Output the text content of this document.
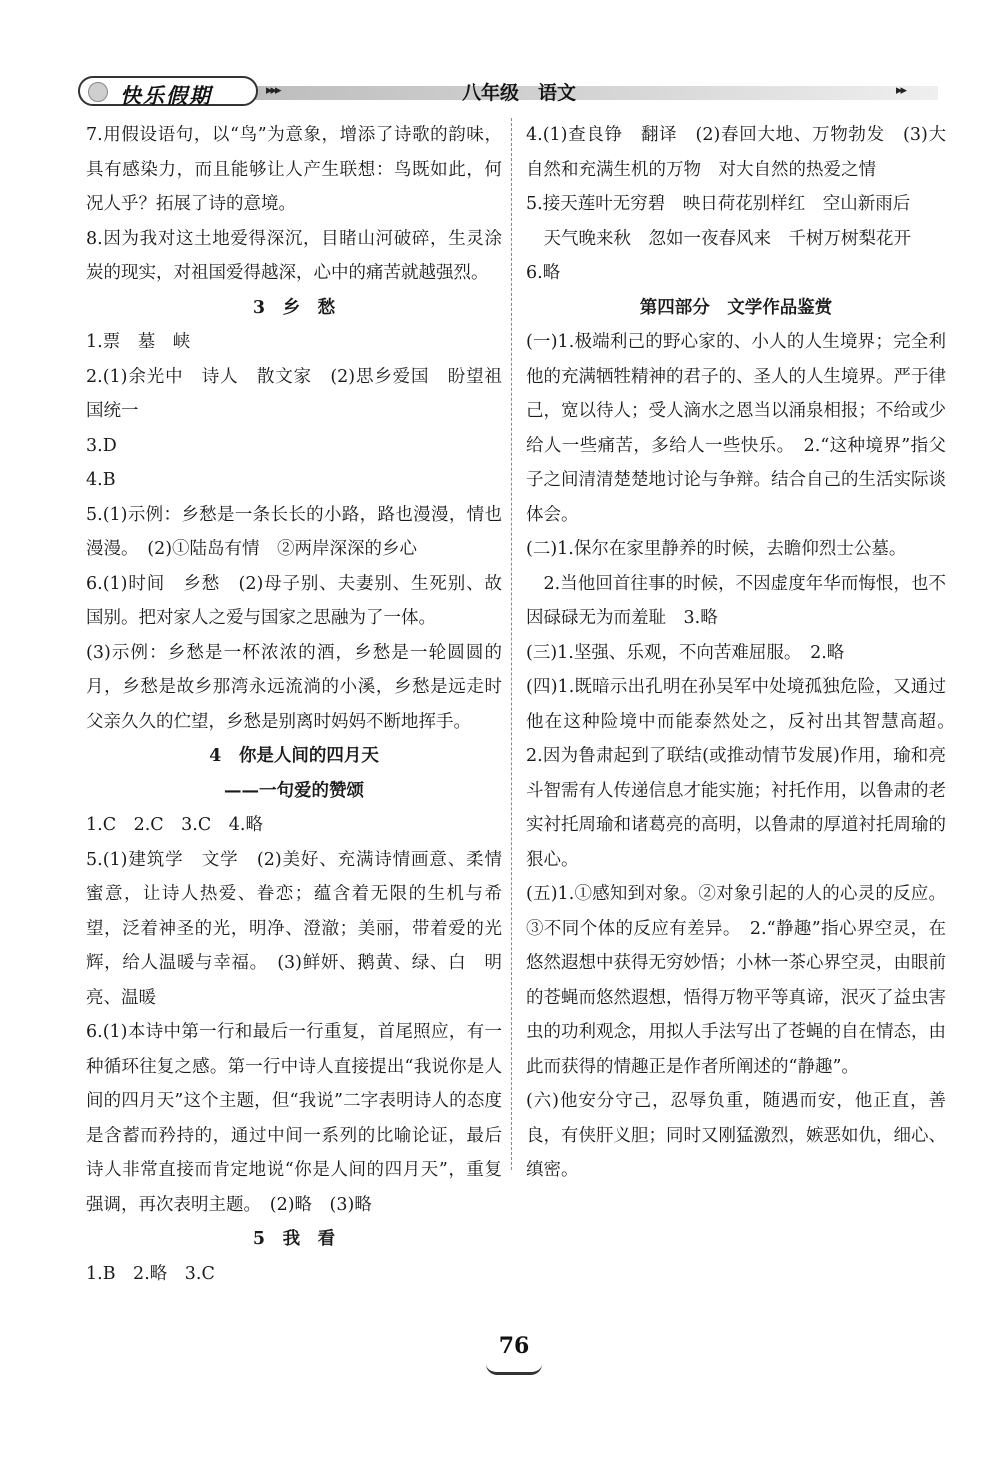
快乐假期	▸▸▸	八年级　语文	▸▸

7.用假设语句，以“鸟”为意象，增添了诗歌的韵味，具有感染力，而且能够让人产生联想：鸟既如此，何况人乎？拓展了诗的意境。

8.因为我对这土地爱得深沉，目睹山河破碎，生灵涂炭的现实，对祖国爱得越深，心中的痛苦就越强烈。

3　乡　愁

1.票　墓　峡

2.(1)余光中　诗人　散文家　(2)思乡爱国　盼望祖国统一

3.D

4.B

5.(1)示例：乡愁是一条长长的小路，路也漫漫，情也漫漫。　(2)①陆岛有情　②两岸深深的乡心

6.(1)时间　乡愁　(2)母子别、夫妻别、生死别、故国别。把对家人之爱与国家之思融为了一体。

(3)示例：乡愁是一杯浓浓的酒，乡愁是一轮圆圆的月，乡愁是故乡那湾永远流淌的小溪，乡愁是远走时父亲久久的伫望，乡愁是别离时妈妈不断地挥手。

4　你是人间的四月天

——一句爱的赞颂

1.C　2.C　3.C　4.略

5.(1)建筑学　文学　(2)美好、充满诗情画意、柔情蜜意，让诗人热爱、眷恋；蕴含着无限的生机与希望，泛着神圣的光，明净、澄澈；美丽，带着爱的光辉，给人温暖与幸福。　(3)鲜妍、鹅黄、绿、白　明亮、温暖

6.(1)本诗中第一行和最后一行重复，首尾照应，有一种循环往复之感。第一行中诗人直接提出“我说你是人间的四月天”这个主题，但“我说”二字表明诗人的态度是含蓄而矜持的，通过中间一系列的比喻论证，最后诗人非常直接而肯定地说“你是人间的四月天”，重复强调，再次表明主题。　(2)略　(3)略

5　我　看

1.B　2.略　3.C

4.(1)查良铮　翻译　(2)春回大地、万物勃发　(3)大自然和充满生机的万物　对大自然的热爱之情

5.接天莲叶无穷碧　映日荷花别样红　空山新雨后

　天气晚来秋　忽如一夜春风来　千树万树梨花开

6.略

第四部分　文学作品鉴赏

(一)1.极端利己的野心家的、小人的人生境界；完全利他的充满牺牲精神的君子的、圣人的人生境界。严于律己，宽以待人；受人滴水之恩当以涌泉相报；不给或少给人一些痛苦，多给人一些快乐。　2.“这种境界”指父子之间清清楚楚地讨论与争辩。结合自己的生活实际谈体会。

(二)1.保尔在家里静养的时候，去瞻仰烈士公墓。

　2.当他回首往事的时候，不因虚度年华而悔恨，也不因碌碌无为而羞耻　3.略

(三)1.坚强、乐观，不向苦难屈服。　2.略

(四)1.既暗示出孔明在孙吴军中处境孤独危险，又通过他在这种险境中而能泰然处之，反衬出其智慧高超。　2.因为鲁肃起到了联结(或推动情节发展)作用，瑜和亮斗智需有人传递信息才能实施；衬托作用，以鲁肃的老实衬托周瑜和诸葛亮的高明，以鲁肃的厚道衬托周瑜的狠心。

(五)1.①感知到对象。②对象引起的人的心灵的反应。③不同个体的反应有差异。　2.“静趣”指心界空灵，在悠然遐想中获得无穷妙悟；小林一茶心界空灵，由眼前的苍蝇而悠然遐想，悟得万物平等真谛，泯灭了益虫害虫的功利观念，用拟人手法写出了苍蝇的自在情态，由此而获得的情趣正是作者所阐述的“静趣”。

(六)他安分守己，忍辱负重，随遇而安，他正直，善良，有侠肝义胆；同时又刚猛激烈，嫉恶如仇，细心、缜密。

76
